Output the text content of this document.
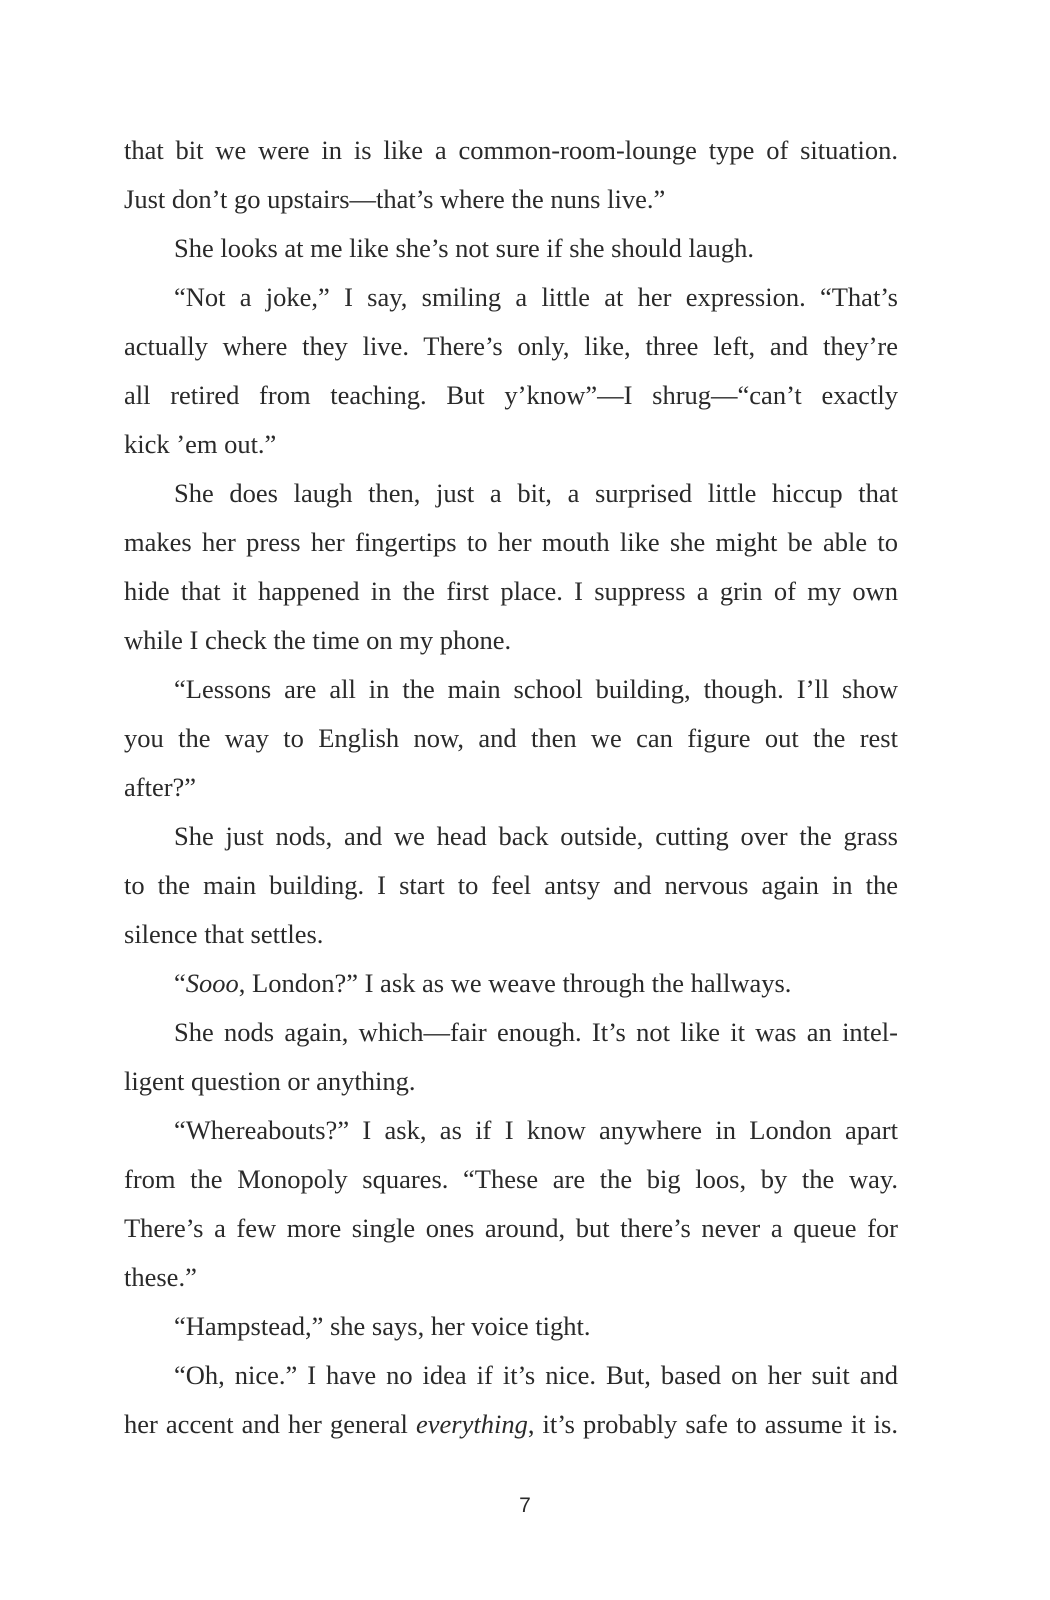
that bit we were in is like a common-room-lounge type of situation.
Just don’t go upstairs—that’s where the nuns live.”
She looks at me like she’s not sure if she should laugh.
“Not a joke,” I say, smiling a little at her expression. “That’s
actually where they live. There’s only, like, three left, and they’re
all retired from teaching. But y’know”—I shrug—“can’t exactly
kick ’em out.”
She does laugh then, just a bit, a surprised little hiccup that
makes her press her fingertips to her mouth like she might be able to
hide that it happened in the first place. I suppress a grin of my own
while I check the time on my phone.
“Lessons are all in the main school building, though. I’ll show
you the way to English now, and then we can figure out the rest
after?”
She just nods, and we head back outside, cutting over the grass
to the main building. I start to feel antsy and nervous again in the
silence that settles.
“Sooo, London?” I ask as we weave through the hallways.
She nods again, which—fair enough. It’s not like it was an intel-
ligent question or anything.
“Whereabouts?” I ask, as if I know anywhere in London apart
from the Monopoly squares. “These are the big loos, by the way.
There’s a few more single ones around, but there’s never a queue for
these.”
“Hampstead,” she says, her voice tight.
“Oh, nice.” I have no idea if it’s nice. But, based on her suit and
her accent and her general everything, it’s probably safe to assume it is.
7
